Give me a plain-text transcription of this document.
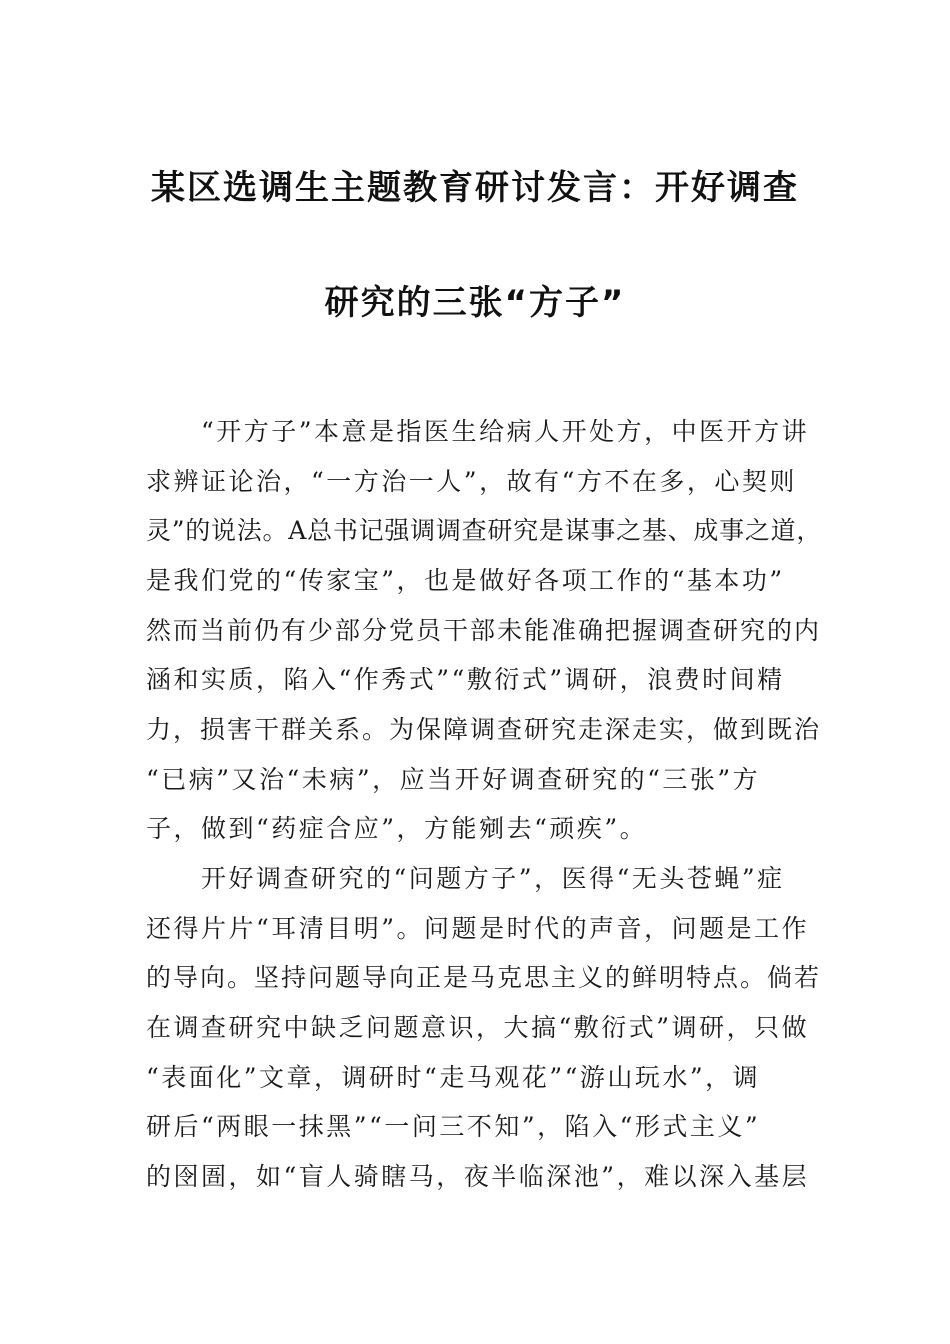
某区选调生主题教育研讨发言：开好调查
研究的三张“方子”
　　“开方子”本意是指医生给病人开处方，中医开方讲
求辨证论治，“一方治一人”，故有“方不在多，心契则
灵”的说法。A总书记强调调查研究是谋事之基、成事之道，
是我们党的“传家宝”，也是做好各项工作的“基本功”
然而当前仍有少部分党员干部未能准确把握调查研究的内
涵和实质，陷入“作秀式”“敷衍式”调研，浪费时间精
力，损害干群关系。为保障调查研究走深走实，做到既治
“已病”又治“未病”，应当开好调查研究的“三张”方
子，做到“药症合应”，方能剜去“顽疾”。
　　开好调查研究的“问题方子”，医得“无头苍蝇”症
还得片片“耳清目明”。问题是时代的声音，问题是工作
的导向。坚持问题导向正是马克思主义的鲜明特点。倘若
在调查研究中缺乏问题意识，大搞“敷衍式”调研，只做
“表面化”文章，调研时“走马观花”“游山玩水”，调
研后“两眼一抹黑”“一问三不知”，陷入“形式主义”
的囹圄，如“盲人骑瞎马，夜半临深池”，难以深入基层
